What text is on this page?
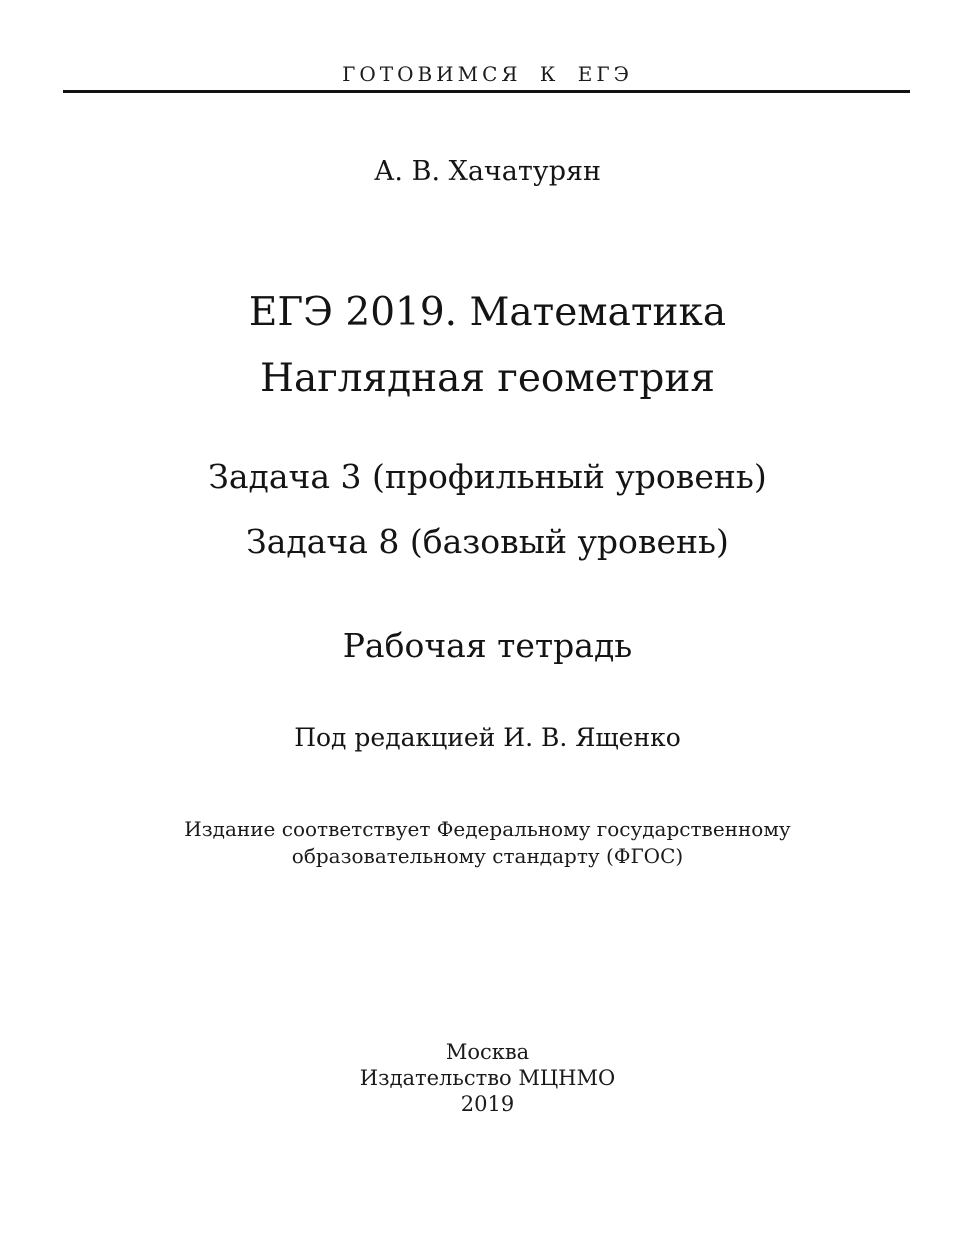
ГОТОВИМСЯ К ЕГЭ
А. В. Хачатурян
ЕГЭ 2019. Математика
Наглядная геометрия
Задача 3 (профильный уровень)
Задача 8 (базовый уровень)
Рабочая тетрадь
Под редакцией И. В. Ященко
Издание соответствует Федеральному государственному
образовательному стандарту (ФГОС)
Москва
Издательство МЦНМО
2019
